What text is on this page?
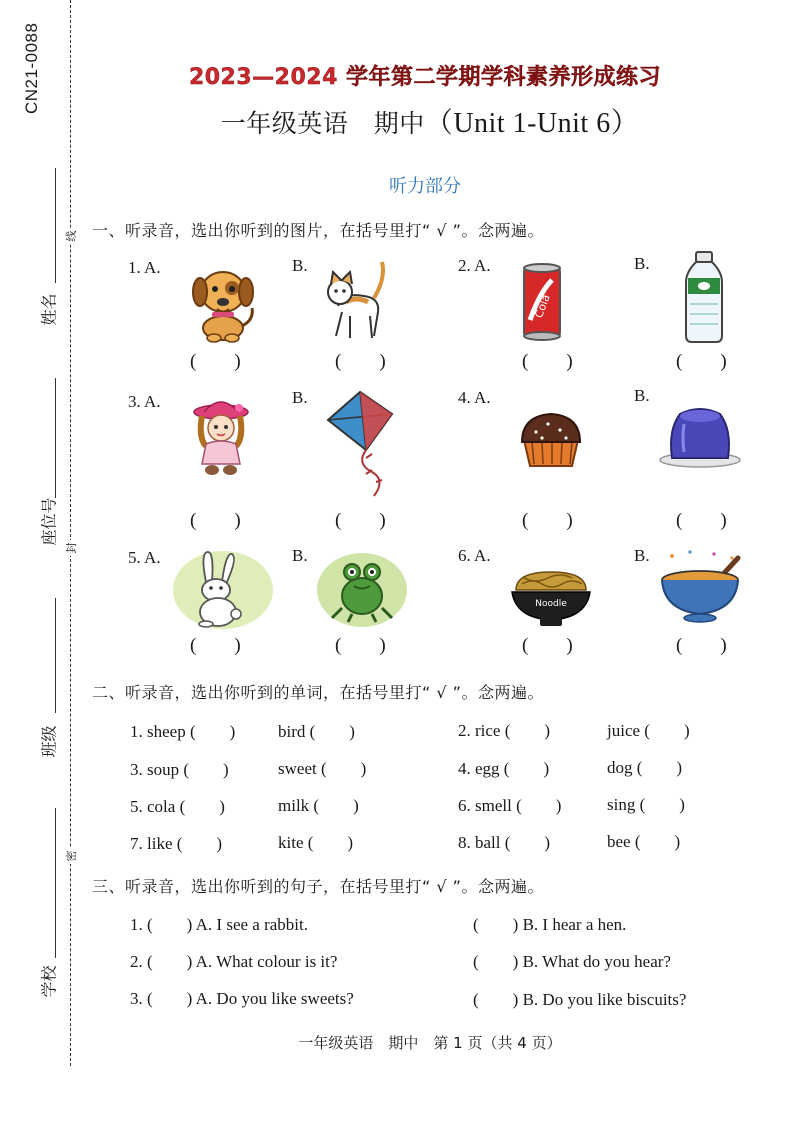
CN21-0088
姓名
座位号
班级
学校
线
封
密
2023—2024 学年第二学期学科素养形成练习
一年级英语　期中（Unit 1-Unit 6）
听力部分
一、听录音，选出你听到的图片，在括号里打“ √ ”。念两遍。
1. A.	B.	2. A.	B.
Cola
(　　)	(　　)	(　　)	(　　)
3. A.	B.	4. A.	B.
(　　)	(　　)	(　　)	(　　)
5. A.	B.	6. A.	B.
Noodle
(　　)	(　　)	(　　)	(　　)
二、听录音，选出你听到的单词，在括号里打“ √ ”。念两遍。
1. sheep (　　)	bird (　　)	2. rice (　　)	juice (　　)
3. soup (　　)	sweet (　　)	4. egg (　　)	dog (　　)
5. cola (　　)	milk (　　)	6. smell (　　)	sing (　　)
7. like (　　)	kite (　　)	8. ball (　　)	bee (　　)
三、听录音，选出你听到的句子，在括号里打“ √ ”。念两遍。
1. (　　) A. I see a rabbit.	(　　) B. I hear a hen.
2. (　　) A. What colour is it?	(　　) B. What do you hear?
3. (　　) A. Do you like sweets?	(　　) B. Do you like biscuits?
一年级英语　期中　第 1 页（共 4 页）
